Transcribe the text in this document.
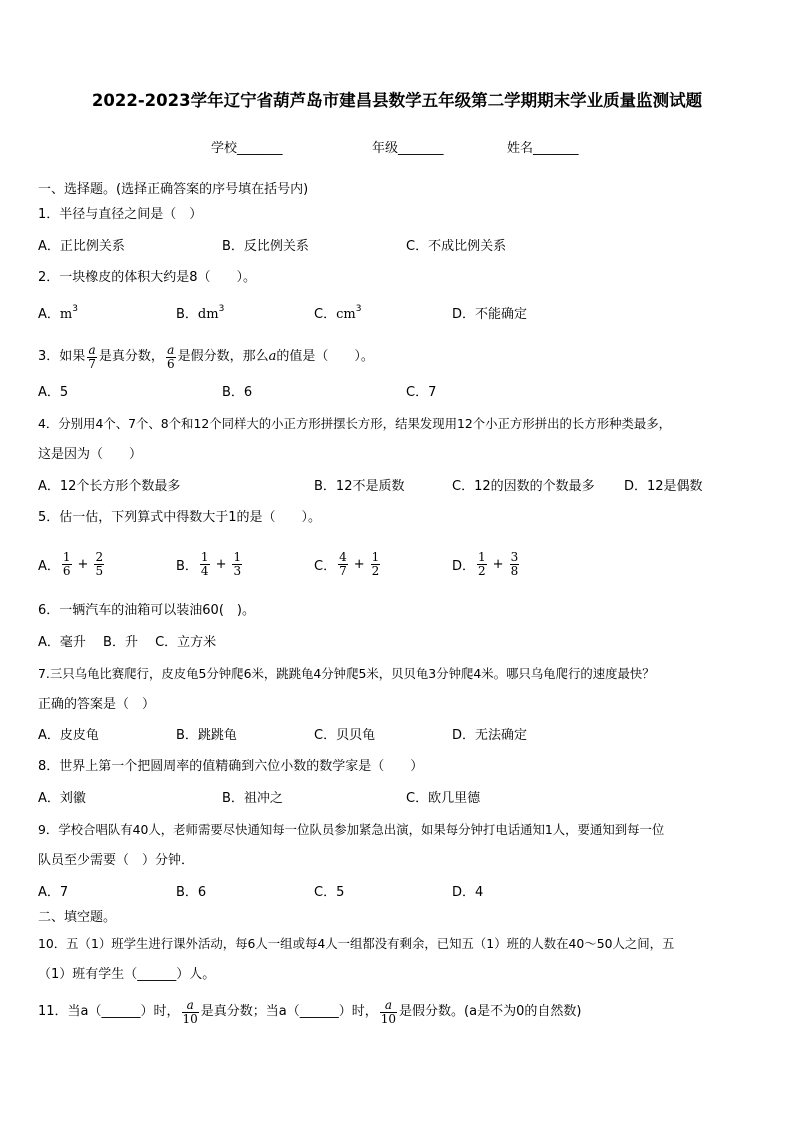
2022-2023学年辽宁省葫芦岛市建昌县数学五年级第二学期期末学业质量监测试题
学校_______	年级_______	姓名_______
一、选择题。(选择正确答案的序号填在括号内)
1．半径与直径之间是（　）
A．正比例关系	B．反比例关系	C．不成比例关系
2．一块橡皮的体积大约是8（　　）。
A．$m^3$	B．$dm^3$	C．$cm^3$	D．不能确定
3．如果 $\frac{a}{7}$ 是真分数， $\frac{a}{6}$ 是假分数，那么 a 的值是（　　）。
A．5	B．6	C．7
4．分别用4个、7个、8个和12个同样大的小正方形拼摆长方形，结果发现用12个小正方形拼出的长方形种类最多，
这是因为（　　）
A．12个长方形个数最多	B．12不是质数	C．12的因数的个数最多 D．12是偶数
5．估一估，下列算式中得数大于1的是（　　）。
A． $\frac{1}{6} + \frac{2}{5}$	B． $\frac{1}{4} + \frac{1}{3}$	C． $\frac{4}{7} + \frac{1}{2}$	D． $\frac{1}{2} + \frac{3}{8}$
6．一辆汽车的油箱可以装油60(　)。
A．毫升　 B．升　 C．立方米
7.三只乌龟比赛爬行，皮皮龟5分钟爬6米，跳跳龟4分钟爬5米，贝贝龟3分钟爬4米。哪只乌龟爬行的速度最快？
正确的答案是（　）
A．皮皮龟	B．跳跳龟	C．贝贝龟	D．无法确定
8．世界上第一个把圆周率的值精确到六位小数的数学家是（　　）
A．刘徽	B．祖冲之	C．欧几里德
9．学校合唱队有40人，老师需要尽快通知每一位队员参加紧急出演，如果每分钟打电话通知1人，要通知到每一位
队员至少需要（　）分钟．
A．7	B．6	C．5	D．4
二、填空题。
10．五（1）班学生进行课外活动，每6人一组或每4人一组都没有剩余，已知五（1）班的人数在40～50人之间，五
（1）班有学生（______）人。
11．当a（______）时， $\frac{a}{10}$ 是真分数；当a（______）时， $\frac{a}{10}$ 是假分数。(a是不为0的自然数)
